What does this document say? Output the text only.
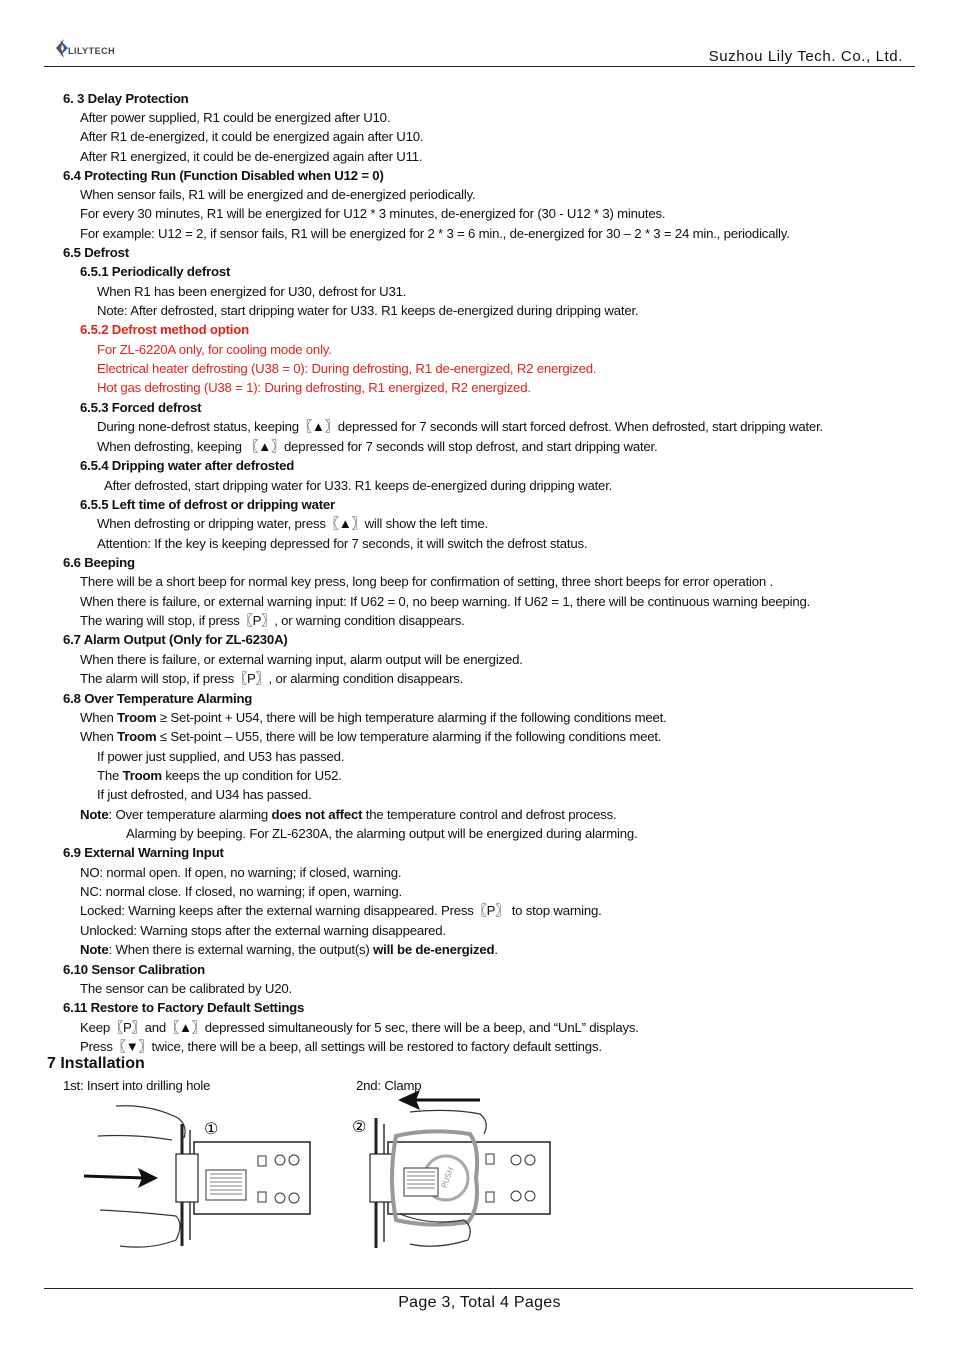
LILYTECH	Suzhou Lily Tech. Co., Ltd.
6. 3 Delay Protection
After power supplied, R1 could be energized after U10.
After R1 de-energized, it could be energized again after U10.
After R1 energized, it could be de-energized again after U11.
6.4 Protecting Run (Function Disabled when U12 = 0)
When sensor fails, R1 will be energized and de-energized periodically.
For every 30 minutes, R1 will be energized for U12 * 3 minutes, de-energized for (30 - U12 * 3) minutes.
For example: U12 = 2, if sensor fails, R1 will be energized for 2 * 3 = 6 min., de-energized for 30 – 2 * 3 = 24 min., periodically.
6.5 Defrost
6.5.1 Periodically defrost
When R1 has been energized for U30, defrost for U31.
Note: After defrosted, start dripping water for U33. R1 keeps de-energized during dripping water.
6.5.2 Defrost method option
For ZL-6220A only, for cooling mode only.
Electrical heater defrosting (U38 = 0): During defrosting, R1 de-energized, R2 energized.
Hot gas defrosting (U38 = 1): During defrosting, R1 energized, R2 energized.
6.5.3 Forced defrost
During none-defrost status, keeping〖▲〗depressed for 7 seconds will start forced defrost. When defrosted, start dripping water.
When defrosting, keeping 〖▲〗depressed for 7 seconds will stop defrost, and start dripping water.
6.5.4 Dripping water after defrosted
After defrosted, start dripping water for U33. R1 keeps de-energized during dripping water.
6.5.5 Left time of defrost or dripping water
When defrosting or dripping water, press〖▲〗will show the left time.
Attention: If the key is keeping depressed for 7 seconds, it will switch the defrost status.
6.6 Beeping
There will be a short beep for normal key press, long beep for confirmation of setting, three short beeps for error operation .
When there is failure, or external warning input: If U62 = 0, no beep warning. If U62 = 1, there will be continuous warning beeping.
The waring will stop, if press〖P〗, or warning condition disappears.
6.7 Alarm Output (Only for ZL-6230A)
When there is failure, or external warning input, alarm output will be energized.
The alarm will stop, if press〖P〗, or alarming condition disappears.
6.8 Over Temperature Alarming
If power just supplied, and U53 has passed.
If just defrosted, and U34 has passed.
Alarming by beeping. For ZL-6230A, the alarming output will be energized during alarming.
6.9 External Warning Input
NO: normal open. If open, no warning; if closed, warning.
NC: normal close. If closed, no warning; if open, warning.
Locked: Warning keeps after the external warning disappeared. Press〖P〗 to stop warning.
Unlocked: Warning stops after the external warning disappeared.
6.10 Sensor Calibration
The sensor can be calibrated by U20.
6.11 Restore to Factory Default Settings
Keep〖P〗and〖▲〗depressed simultaneously for 5 sec, there will be a beep, and “UnL” displays.
Press〖▼〗twice, there will be a beep, all settings will be restored to factory default settings.
When Troom ≥ Set-point + U54, there will be high temperature alarming if the following conditions meet.
When Troom ≤ Set-point – U55, there will be low temperature alarming if the following conditions meet.
The Troom keeps the up condition for U52.
Note: Over temperature alarming does not affect the temperature control and defrost process.
Note: When there is external warning, the output(s) will be de-energized.
7 Installation
1st: Insert into drilling hole	2nd: Clamp
①	②
PUSH
Page 3, Total 4 Pages
